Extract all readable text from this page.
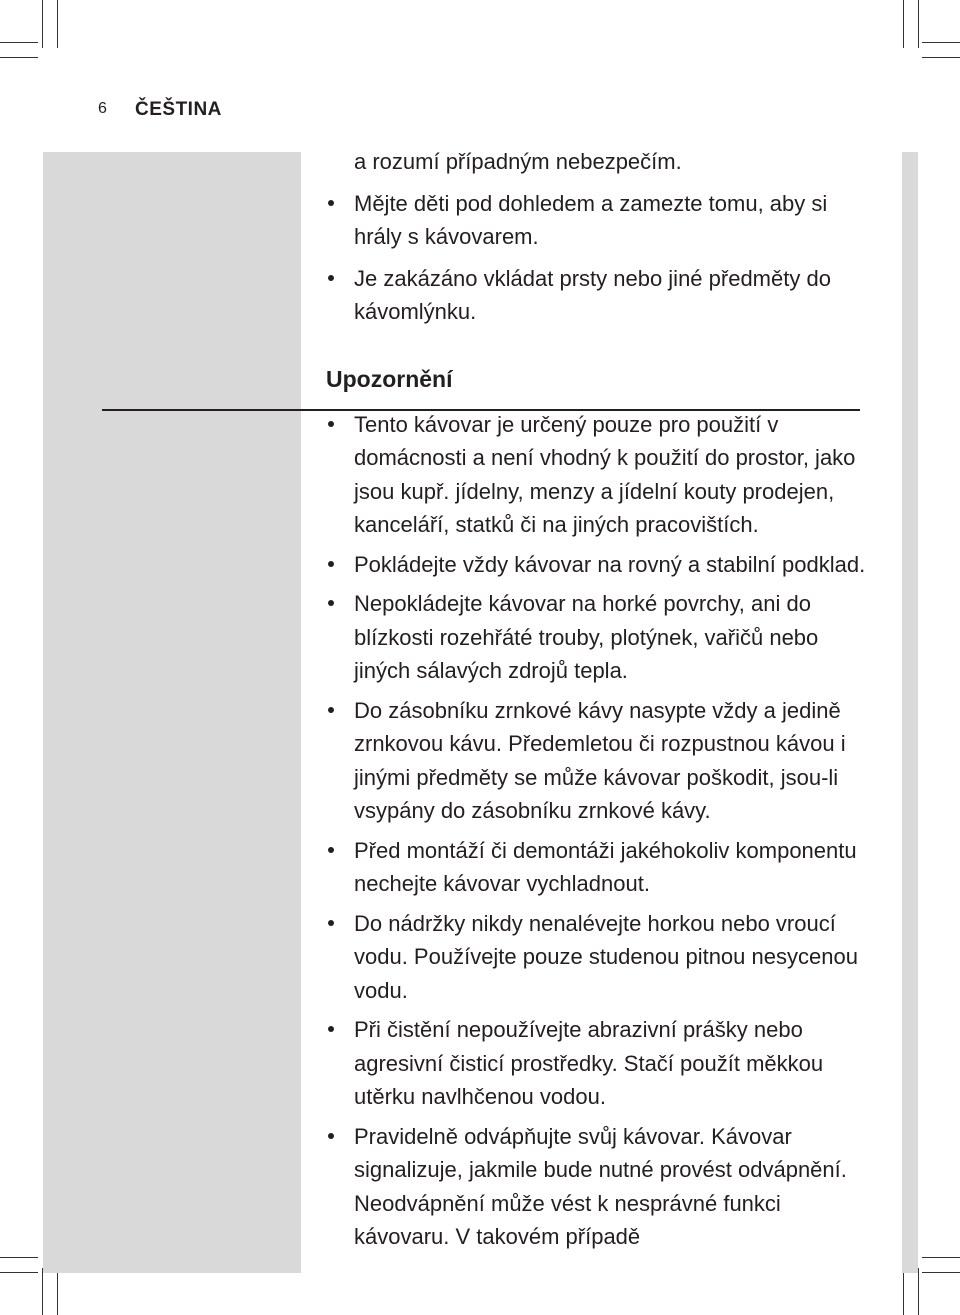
6 ČEŠTINA

a rozumí případným nebezpečím.

Mějte děti pod dohledem a zamezte tomu, aby si hrály s kávovarem.
Je zakázáno vkládat prsty nebo jiné předměty do kávomlýnku.
Upozornění
Tento kávovar je určený pouze pro použití v domácnosti a není vhodný k použití do prostor, jako jsou kupř. jídelny, menzy a jídelní kouty prodejen, kanceláří, statků či na jiných pracovištích.
Pokládejte vždy kávovar na rovný a stabilní podklad.
Nepokládejte kávovar na horké povrchy, ani do blízkosti rozehřáté trouby, plotýnek, vařičů nebo jiných sálavých zdrojů tepla.
Do zásobníku zrnkové kávy nasypte vždy a jedině zrnkovou kávu. Předemletou či rozpustnou kávou i jinými předměty se může kávovar poškodit, jsou-li vsypány do zásobníku zrnkové kávy.
Před montáží či demontáži jakéhokoliv komponentu nechejte kávovar vychladnout.
Do nádržky nikdy nenalévejte horkou nebo vroucí vodu. Používejte pouze studenou pitnou nesycenou vodu.
Při čistění nepoužívejte abrazivní prášky nebo agresivní čisticí prostředky. Stačí použít měkkou utěrku navlhčenou vodou.
Pravidelně odvápňujte svůj kávovar. Kávovar signalizuje, jakmile bude nutné provést odvápnění. Neodvápnění může vést k nesprávné funkci kávovaru. V takovém případě
